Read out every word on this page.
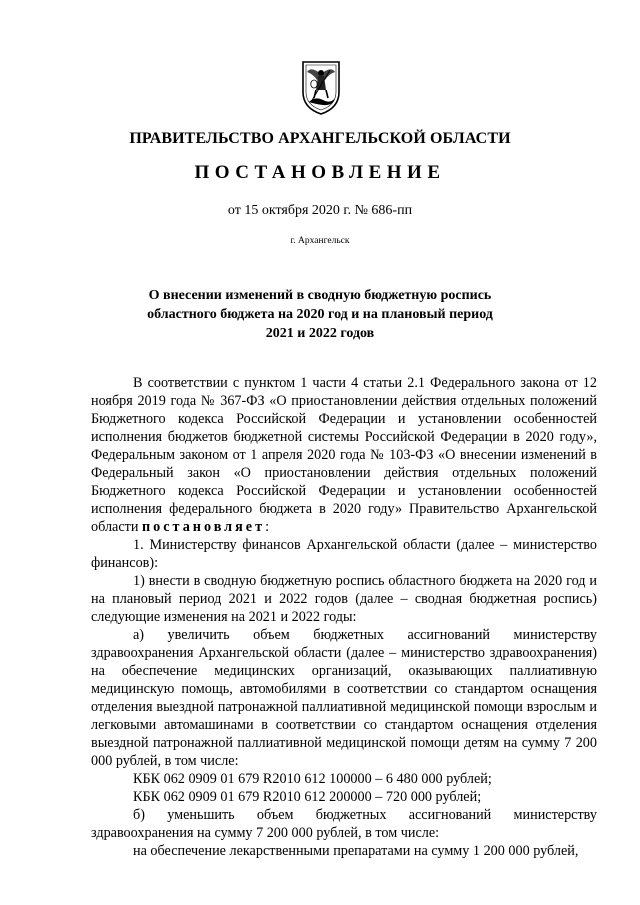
ПРАВИТЕЛЬСТВО АРХАНГЕЛЬСКОЙ ОБЛАСТИ
ПОСТАНОВЛЕНИЕ
от 15 октября 2020 г. № 686-пп
г. Архангельск
О внесении изменений в сводную бюджетную роспись
областного бюджета на 2020 год и на плановый период
2021 и 2022 годов

В соответствии с пунктом 1 части 4 статьи 2.1 Федерального закона от 12 ноября 2019 года № 367-ФЗ «О приостановлении действия отдельных положений Бюджетного кодекса Российской Федерации и установлении особенностей исполнения бюджетов бюджетной системы Российской Федерации в 2020 году», Федеральным законом от 1 апреля 2020 года № 103-ФЗ «О внесении изменений в Федеральный закон «О приостановлении действия отдельных положений Бюджетного кодекса Российской Федерации и установлении особенностей исполнения федерального бюджета в 2020 году» Правительство Архангельской области постановляет:

1. Министерству финансов Архангельской области (далее – министерство финансов):

1) внести в сводную бюджетную роспись областного бюджета на 2020 год и на плановый период 2021 и 2022 годов (далее – сводная бюджетная роспись) следующие изменения на 2021 и 2022 годы:

а) увеличить объем бюджетных ассигнований министерству здравоохранения Архангельской области (далее – министерство здравоохранения) на обеспечение медицинских организаций, оказывающих паллиативную медицинскую помощь, автомобилями в соответствии со стандартом оснащения отделения выездной патронажной паллиативной медицинской помощи взрослым и легковыми автомашинами в соответствии со стандартом оснащения отделения выездной патронажной паллиативной медицинской помощи детям на сумму 7 200 000 рублей, в том числе:

КБК 062 0909 01 679 R2010 612 100000 – 6 480 000 рублей;

КБК 062 0909 01 679 R2010 612 200000 – 720 000 рублей;

б) уменьшить объем бюджетных ассигнований министерству здравоохранения на сумму 7 200 000 рублей, в том числе:

на обеспечение лекарственными препаратами на сумму 1 200 000 рублей,
